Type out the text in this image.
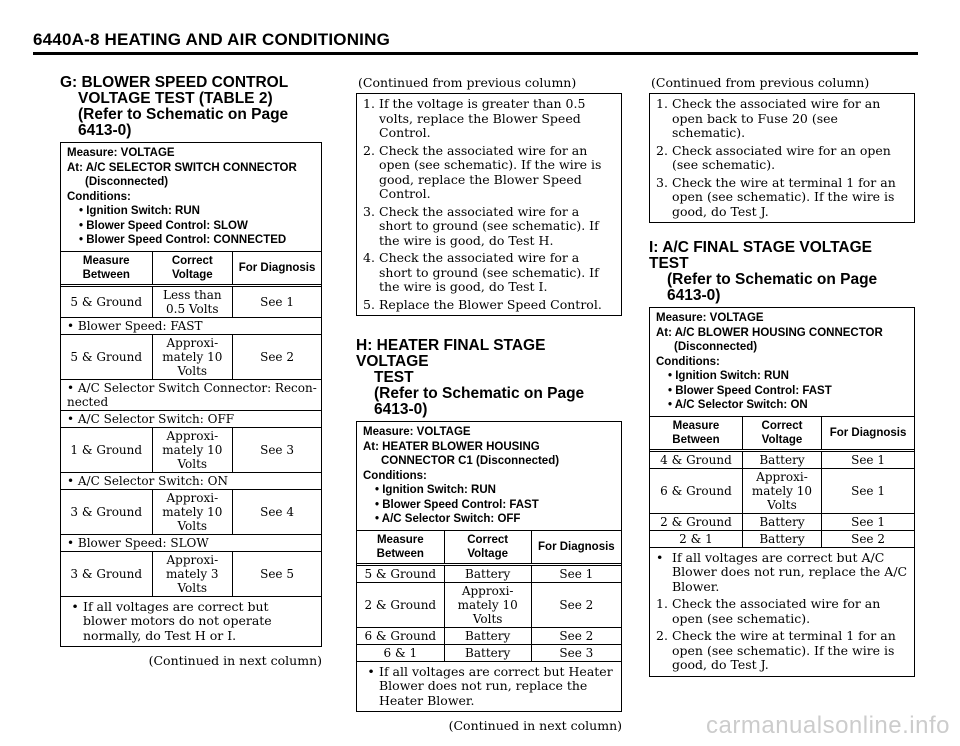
6440A-8 HEATING AND AIR CONDITIONING
G: BLOWER SPEED CONTROL
VOLTAGE TEST (TABLE 2)
(Refer to Schematic on Page 6413-0)
Measure: VOLTAGE
At: A/C SELECTOR SWITCH CONNECTOR
(Disconnected)
Conditions:
• Ignition Switch: RUN
• Blower Speed Control: SLOW
• Blower Speed Control: CONNECTED
Measure Between	Correct Voltage	For Diagnosis
5 & Ground	Less than 0.5 Volts	See 1
• Blower Speed: FAST		
5 & Ground	Approxi- mately 10 Volts	See 2
• A/C Selector Switch Connector: Recon- nected		
• A/C Selector Switch: OFF		
1 & Ground	Approxi- mately 10 Volts	See 3
• A/C Selector Switch: ON		
3 & Ground	Approxi- mately 10 Volts	See 4
• Blower Speed: SLOW		
3 & Ground	Approxi- mately 3 Volts	See 5
• If all voltages are correct but blower motors do not operate normally, do Test H or I.
(Continued in next column)
(Continued from previous column)
1. If the voltage is greater than 0.5 volts, replace the Blower Speed Control.
2. Check the associated wire for an open (see schematic). If the wire is good, replace the Blower Speed Control.
3. Check the associated wire for a short to ground (see schematic). If the wire is good, do Test H.
4. Check the associated wire for a short to ground (see schematic). If the wire is good, do Test I.
5. Replace the Blower Speed Control.
H: HEATER FINAL STAGE VOLTAGE
TEST
(Refer to Schematic on Page 6413-0)
Measure: VOLTAGE
At: HEATER BLOWER HOUSING
CONNECTOR C1 (Disconnected)
Conditions:
• Ignition Switch: RUN
• Blower Speed Control: FAST
• A/C Selector Switch: OFF
Measure Between	Correct Voltage	For Diagnosis
5 & Ground	Battery	See 1
2 & Ground	Approxi- mately 10 Volts	See 2
6 & Ground	Battery	See 2
6 & 1	Battery	See 3
• If all voltages are correct but Heater Blower does not run, replace the Heater Blower.
(Continued in next column)
(Continued from previous column)
1. Check the associated wire for an open back to Fuse 20 (see schematic).
2. Check associated wire for an open (see schematic).
3. Check the wire at terminal 1 for an open (see schematic). If the wire is good, do Test J.
I: A/C FINAL STAGE VOLTAGE TEST
(Refer to Schematic on Page 6413-0)
Measure: VOLTAGE
At: A/C BLOWER HOUSING CONNECTOR
(Disconnected)
Conditions:
• Ignition Switch: RUN
• Blower Speed Control: FAST
• A/C Selector Switch: ON
Measure Between	Correct Voltage	For Diagnosis
4 & Ground	Battery	See 1
6 & Ground	Approxi- mately 10 Volts	See 1
2 & Ground	Battery	See 1
2 & 1	Battery	See 2
• If all voltages are correct but A/C Blower does not run, replace the A/C Blower.
1. Check the associated wire for an open (see schematic).
2. Check the wire at terminal 1 for an open (see schematic). If the wire is good, do Test J.
carmanualsonline.info
